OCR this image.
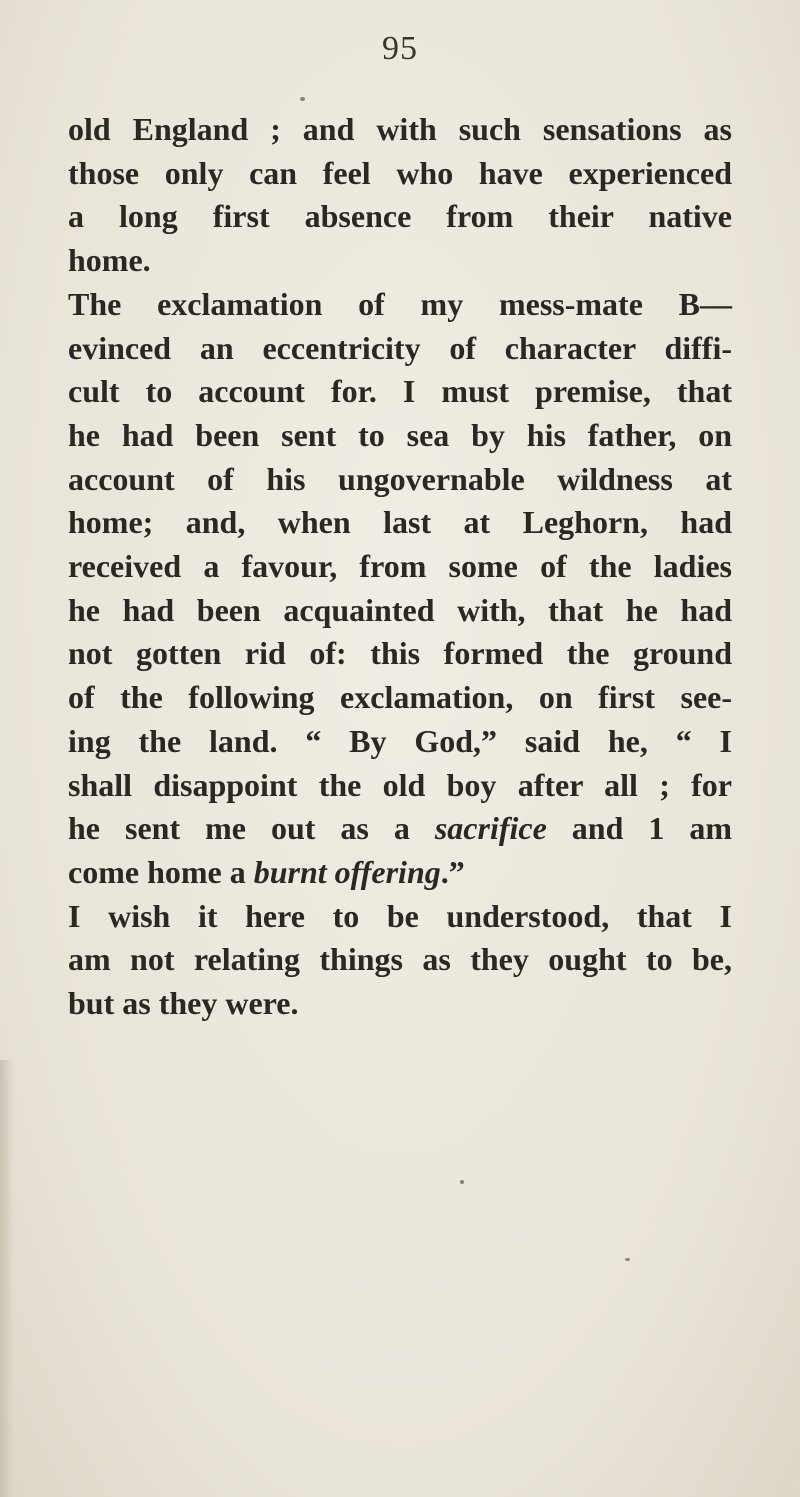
95
old England ; and with such sensations as
those only can feel who have experienced
a long first absence from their native
home.
The exclamation of my mess-mate B—
evinced an eccentricity of character diffi-
cult to account for. I must premise, that
he had been sent to sea by his father, on
account of his ungovernable wildness at
home; and, when last at Leghorn, had
received a favour, from some of the ladies
he had been acquainted with, that he had
not gotten rid of: this formed the ground
of the following exclamation, on first see-
ing the land. “ By God,” said he, “ I
shall disappoint the old boy after all ; for
he sent me out as a sacrifice and 1 am
come home a burnt offering.”
I wish it here to be understood, that I
am not relating things as they ought to be,
but as they were.
